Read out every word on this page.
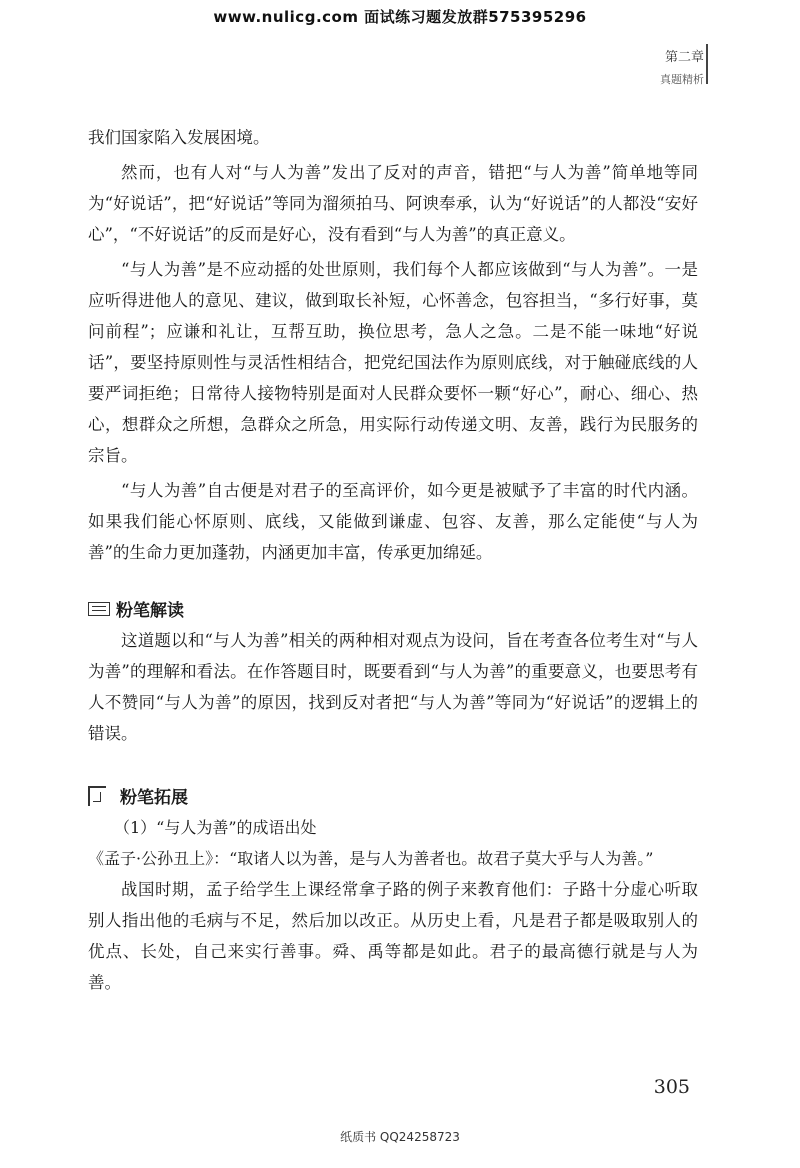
www.nulicg.com 面试练习题发放群575395296
第二章
真题精析

我们国家陷入发展困境。

然而，也有人对“与人为善”发出了反对的声音，错把“与人为善”简单地等同为“好说话”，把“好说话”等同为溜须拍马、阿谀奉承，认为“好说话”的人都没“安好心”，“不好说话”的反而是好心，没有看到“与人为善”的真正意义。

“与人为善”是不应动摇的处世原则，我们每个人都应该做到“与人为善”。一是应听得进他人的意见、建议，做到取长补短，心怀善念，包容担当，“多行好事，莫问前程”；应谦和礼让，互帮互助，换位思考，急人之急。二是不能一味地“好说话”，要坚持原则性与灵活性相结合，把党纪国法作为原则底线，对于触碰底线的人要严词拒绝；日常待人接物特别是面对人民群众要怀一颗“好心”，耐心、细心、热心，想群众之所想，急群众之所急，用实际行动传递文明、友善，践行为民服务的宗旨。

“与人为善”自古便是对君子的至高评价，如今更是被赋予了丰富的时代内涵。如果我们能心怀原则、底线，又能做到谦虚、包容、友善，那么定能使“与人为善”的生命力更加蓬勃，内涵更加丰富，传承更加绵延。

粉笔解读

这道题以和“与人为善”相关的两种相对观点为设问，旨在考查各位考生对“与人为善”的理解和看法。在作答题目时，既要看到“与人为善”的重要意义，也要思考有人不赞同“与人为善”的原因，找到反对者把“与人为善”等同为“好说话”的逻辑上的错误。

粉笔拓展
（1）“与人为善”的成语出处
《孟子·公孙丑上》：“取诸人以为善，是与人为善者也。故君子莫大乎与人为善。”

战国时期，孟子给学生上课经常拿子路的例子来教育他们：子路十分虚心听取别人指出他的毛病与不足，然后加以改正。从历史上看，凡是君子都是吸取别人的优点、长处，自己来实行善事。舜、禹等都是如此。君子的最高德行就是与人为善。

305
纸质书 QQ24258723
